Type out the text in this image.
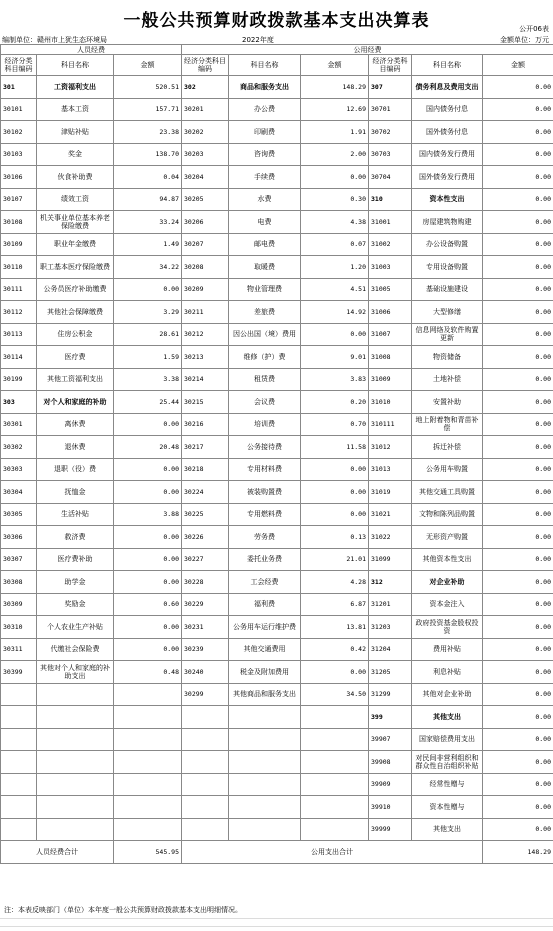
一般公共预算财政拨款基本支出决算表	公开06表
编制单位：赣州市上犹生态环境局	2022年度	金额单位：万元
人员经费			公用经费					
经济分类科目编码	科目名称	金额	经济分类科目编码	科目名称	金额	经济分类科目编码	科目名称	金额
301	工资福利支出	520.51	302	商品和服务支出	148.29	307	债务利息及费用支出	0.00
30101	基本工资	157.71	30201	办公费	12.69	30701	国内债务付息	0.00
30102	津贴补贴	23.38	30202	印刷费	1.91	30702	国外债务付息	0.00
30103	奖金	138.70	30203	咨询费	2.00	30703	国内债务发行费用	0.00
30106	伙食补助费	0.04	30204	手续费	0.00	30704	国外债务发行费用	0.00
30107	绩效工资	94.87	30205	水费	0.30	310	资本性支出	0.00
30108	机关事业单位基本养老保险缴费	33.24	30206	电费	4.38	31001	房屋建筑物购建	0.00
30109	职业年金缴费	1.49	30207	邮电费	0.07	31002	办公设备购置	0.00
30110	职工基本医疗保险缴费	34.22	30208	取暖费	1.20	31003	专用设备购置	0.00
30111	公务员医疗补助缴费	0.00	30209	物业管理费	4.51	31005	基础设施建设	0.00
30112	其他社会保障缴费	3.29	30211	差旅费	14.92	31006	大型修缮	0.00
30113	住房公积金	28.61	30212	因公出国（境）费用	0.00	31007	信息网络及软件购置更新	0.00
30114	医疗费	1.59	30213	维修（护）费	9.01	31008	物资储备	0.00
30199	其他工资福利支出	3.38	30214	租赁费	3.83	31009	土地补偿	0.00
303	对个人和家庭的补助	25.44	30215	会议费	0.20	31010	安置补助	0.00
30301	离休费	0.00	30216	培训费	0.70	310111	地上附着物和青苗补偿	0.00
30302	退休费	20.48	30217	公务接待费	11.58	31012	拆迁补偿	0.00
30303	退职（役）费	0.00	30218	专用材料费	0.00	31013	公务用车购置	0.00
30304	抚恤金	0.00	30224	被装购置费	0.00	31019	其他交通工具购置	0.00
30305	生活补贴	3.88	30225	专用燃料费	0.00	31021	文物和陈列品购置	0.00
30306	救济费	0.00	30226	劳务费	0.13	31022	无形资产购置	0.00
30307	医疗费补助	0.00	30227	委托业务费	21.01	31099	其他资本性支出	0.00
30308	助学金	0.00	30228	工会经费	4.28	312	对企业补助	0.00
30309	奖励金	0.60	30229	福利费	6.87	31201	资本金注入	0.00
30310	个人农业生产补贴	0.00	30231	公务用车运行维护费	13.81	31203	政府投资基金股权投资	0.00
30311	代缴社会保险费	0.00	30239	其他交通费用	0.42	31204	费用补贴	0.00
30399	其他对个人和家庭的补助支出	0.48	30240	税金及附加费用	0.00	31205	利息补贴	0.00
			30299	其他商品和服务支出	34.50	31299	其他对企业补助	0.00
						399	其他支出	0.00
						39907	国家赔偿费用支出	0.00
						39908	对民间非营利组织和群众性自治组织补贴	0.00
						39909	经常性赠与	0.00
						39910	资本性赠与	0.00
						39999	其他支出	0.00
人员经费合计		545.95	公用支出合计					148.29
注：本表反映部门（单位）本年度一般公共预算财政拨款基本支出明细情况。
